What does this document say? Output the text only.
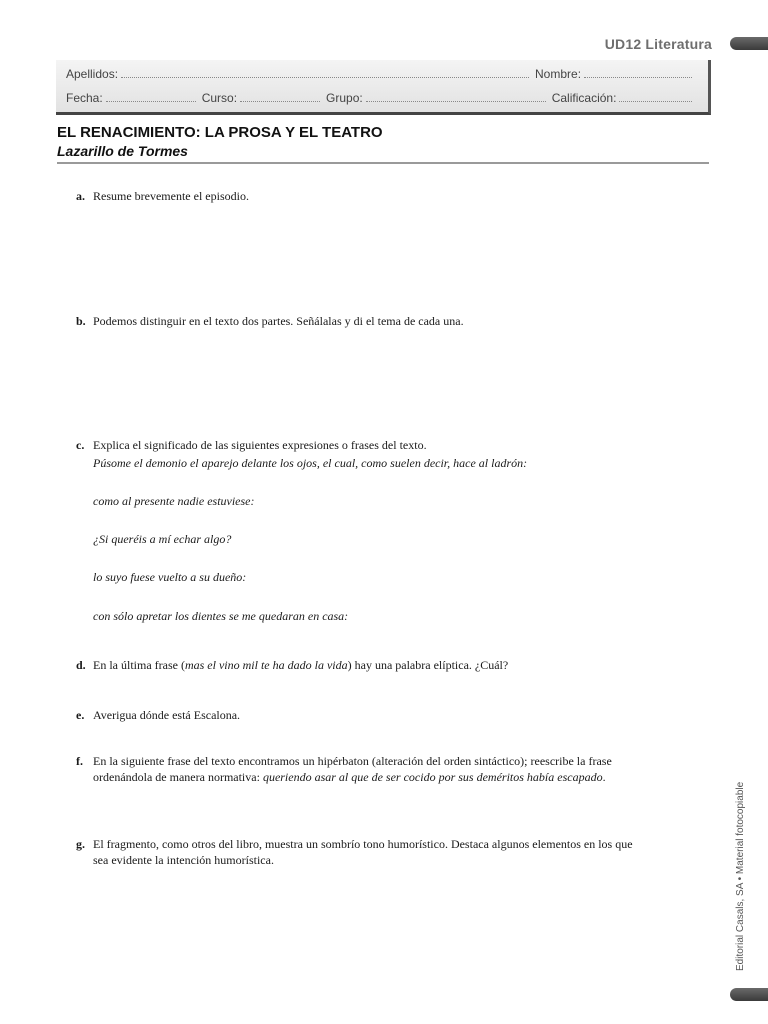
UD12 Literatura
Apellidos:	Nombre:
Fecha:	Curso:	Grupo:	Calificación:
EL RENACIMIENTO: LA PROSA Y EL TEATRO
Lazarillo de Tormes
a. Resume brevemente el episodio.
b. Podemos distinguir en el texto dos partes. Señálalas y di el tema de cada una.
c. Explica el significado de las siguientes expresiones o frases del texto.
Púsome el demonio el aparejo delante los ojos, el cual, como suelen decir, hace al ladrón:
como al presente nadie estuviese:
¿Si queréis a mí echar algo?
lo suyo fuese vuelto a su dueño:
con sólo apretar los dientes se me quedaran en casa:
d. En la última frase (mas el vino mil te ha dado la vida) hay una palabra elíptica. ¿Cuál?
e. Averigua dónde está Escalona.
f. En la siguiente frase del texto encontramos un hipérbaton (alteración del orden sintáctico); reescribe la frase ordenándola de manera normativa: queriendo asar al que de ser cocido por sus deméritos había escapado.
g. El fragmento, como otros del libro, muestra un sombrío tono humorístico. Destaca algunos elementos en los que sea evidente la intención humorística.
Editorial Casals, SA • Material fotocopiable
